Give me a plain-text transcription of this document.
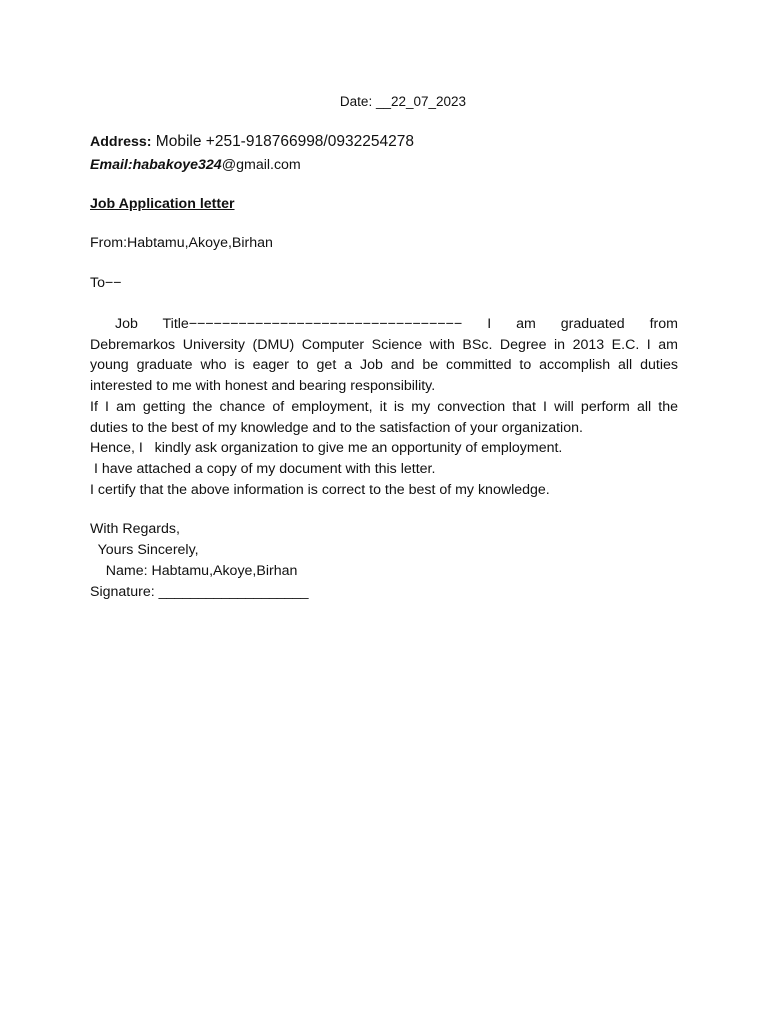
Date: __22_07_2023
Address: Mobile +251-918766998/0932254278
Email:habakoye324@gmail.com
Job Application letter
From:Habtamu,Akoye,Birhan
To−−
Job Title−−−−−−−−−−−−−−−−−−−−−−−−−−−−−−−−− I am graduated from
Debremarkos University (DMU) Computer Science with BSc. Degree in 2013 E.C. I am
young graduate who is eager to get a Job and be committed to accomplish all duties
interested to me with honest and bearing responsibility.
If I am getting the chance of employment, it is my convection that I will perform all the
duties to the best of my knowledge and to the satisfaction of your organization.
Hence, I   kindly ask organization to give me an opportunity of employment.
I have attached a copy of my document with this letter.
I certify that the above information is correct to the best of my knowledge.
With Regards,
Yours Sincerely,
Name: Habtamu,Akoye,Birhan
Signature: ___________________
